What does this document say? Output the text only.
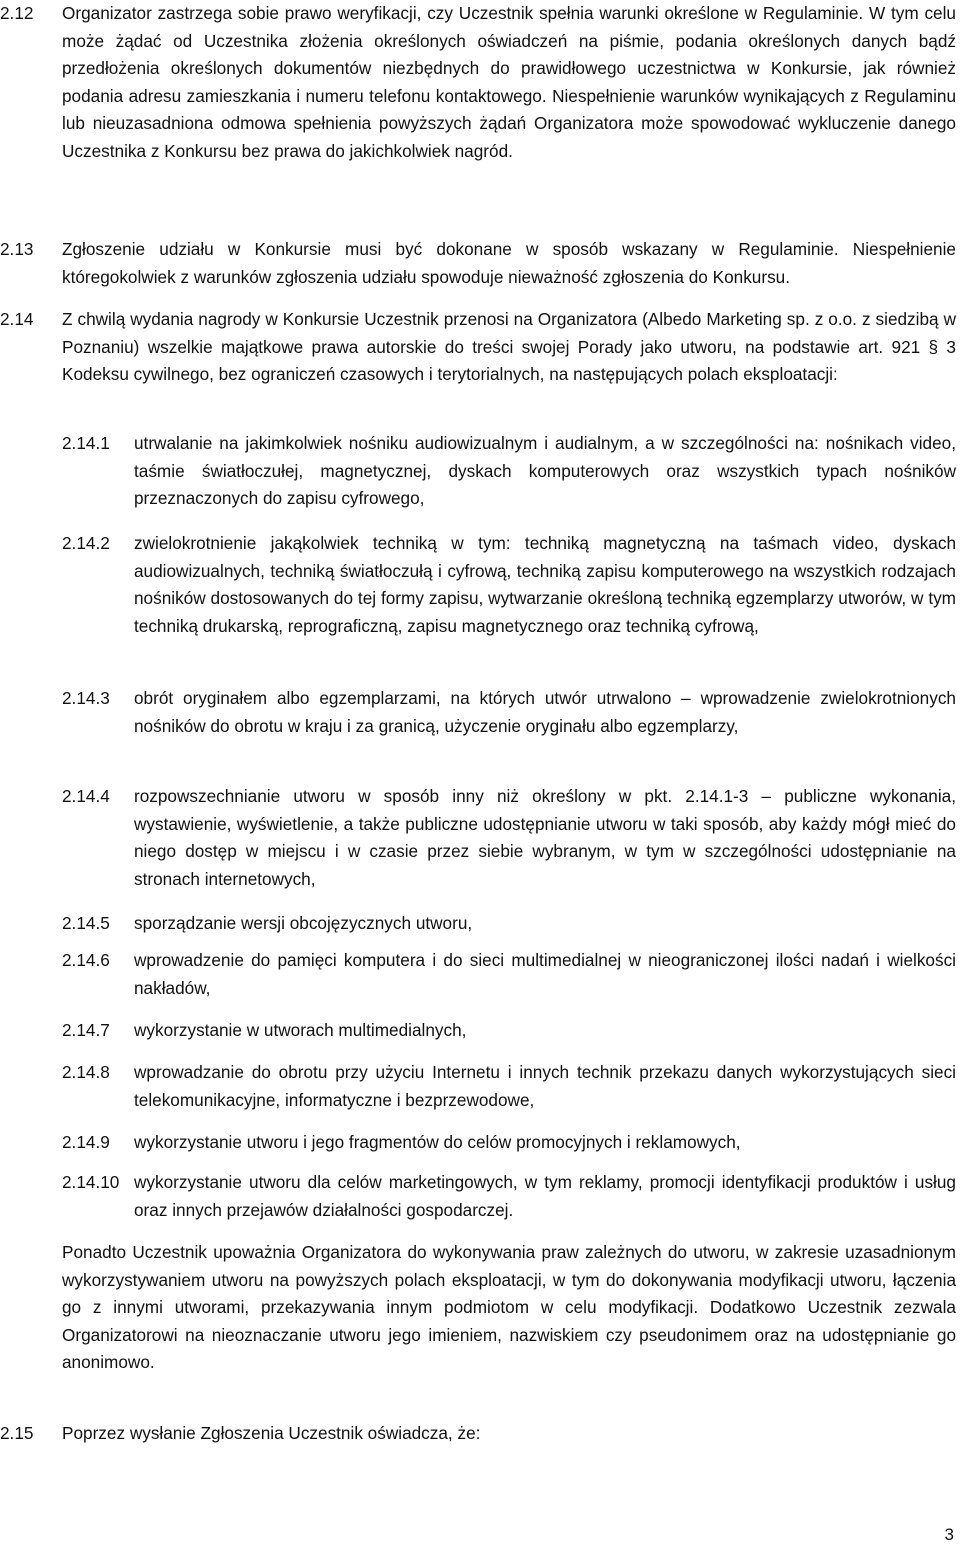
2.12	Organizator zastrzega sobie prawo weryfikacji, czy Uczestnik spełnia warunki określone w Regulaminie. W tym celu może żądać od Uczestnika złożenia określonych oświadczeń na piśmie, podania określonych danych bądź przedłożenia określonych dokumentów niezbędnych do prawidłowego uczestnictwa w Konkursie, jak również podania adresu zamieszkania i numeru telefonu kontaktowego. Niespełnienie warunków wynikających z Regulaminu lub nieuzasadniona odmowa spełnienia powyższych żądań Organizatora może spowodować wykluczenie danego Uczestnika z Konkursu bez prawa do jakichkolwiek nagród.
2.13	Zgłoszenie udziału w Konkursie musi być dokonane w sposób wskazany w Regulaminie. Niespełnienie któregokolwiek z warunków zgłoszenia udziału spowoduje nieważność zgłoszenia do Konkursu.
2.14	Z chwilą wydania nagrody w Konkursie Uczestnik przenosi na Organizatora (Albedo Marketing sp. z o.o. z siedzibą w Poznaniu) wszelkie majątkowe prawa autorskie do treści swojej Porady jako utworu, na podstawie art. 921 § 3 Kodeksu cywilnego, bez ograniczeń czasowych i terytorialnych, na następujących polach eksploatacji:
2.14.1	utrwalanie na jakimkolwiek nośniku audiowizualnym i audialnym, a w szczególności na: nośnikach video, taśmie światłoczułej, magnetycznej, dyskach komputerowych oraz wszystkich typach nośników przeznaczonych do zapisu cyfrowego,
2.14.2	zwielokrotnienie jakąkolwiek techniką w tym: techniką magnetyczną na taśmach video, dyskach audiowizualnych, techniką światłoczułą i cyfrową, techniką zapisu komputerowego na wszystkich rodzajach nośników dostosowanych do tej formy zapisu, wytwarzanie określoną techniką egzemplarzy utworów, w tym techniką drukarską, reprograficzną, zapisu magnetycznego oraz techniką cyfrową,
2.14.3	obrót oryginałem albo egzemplarzami, na których utwór utrwalono – wprowadzenie zwielokrotnionych nośników do obrotu w kraju i za granicą, użyczenie oryginału albo egzemplarzy,
2.14.4	rozpowszechnianie utworu w sposób inny niż określony w pkt. 2.14.1-3 – publiczne wykonania, wystawienie, wyświetlenie, a także publiczne udostępnianie utworu w taki sposób, aby każdy mógł mieć do niego dostęp w miejscu i w czasie przez siebie wybranym, w tym w szczególności udostępnianie na stronach internetowych,
2.14.5	sporządzanie wersji obcojęzycznych utworu,
2.14.6	wprowadzenie do pamięci komputera i do sieci multimedialnej w nieograniczonej ilości nadań i wielkości nakładów,
2.14.7	wykorzystanie w utworach multimedialnych,
2.14.8	wprowadzanie do obrotu przy użyciu Internetu i innych technik przekazu danych wykorzystujących sieci telekomunikacyjne, informatyczne i bezprzewodowe,
2.14.9	wykorzystanie utworu i jego fragmentów do celów promocyjnych i reklamowych,
2.14.10 wykorzystanie utworu dla celów marketingowych, w tym reklamy, promocji identyfikacji produktów i usług oraz innych przejawów działalności gospodarczej.
Ponadto Uczestnik upoważnia Organizatora do wykonywania praw zależnych do utworu, w zakresie uzasadnionym wykorzystywaniem utworu na powyższych polach eksploatacji, w tym do dokonywania modyfikacji utworu, łączenia go z innymi utworami, przekazywania innym podmiotom w celu modyfikacji. Dodatkowo Uczestnik zezwala Organizatorowi na nieoznaczanie utworu jego imieniem, nazwiskiem czy pseudonimem oraz na udostępnianie go anonimowo.
2.15	Poprzez wysłanie Zgłoszenia Uczestnik oświadcza, że:
3
